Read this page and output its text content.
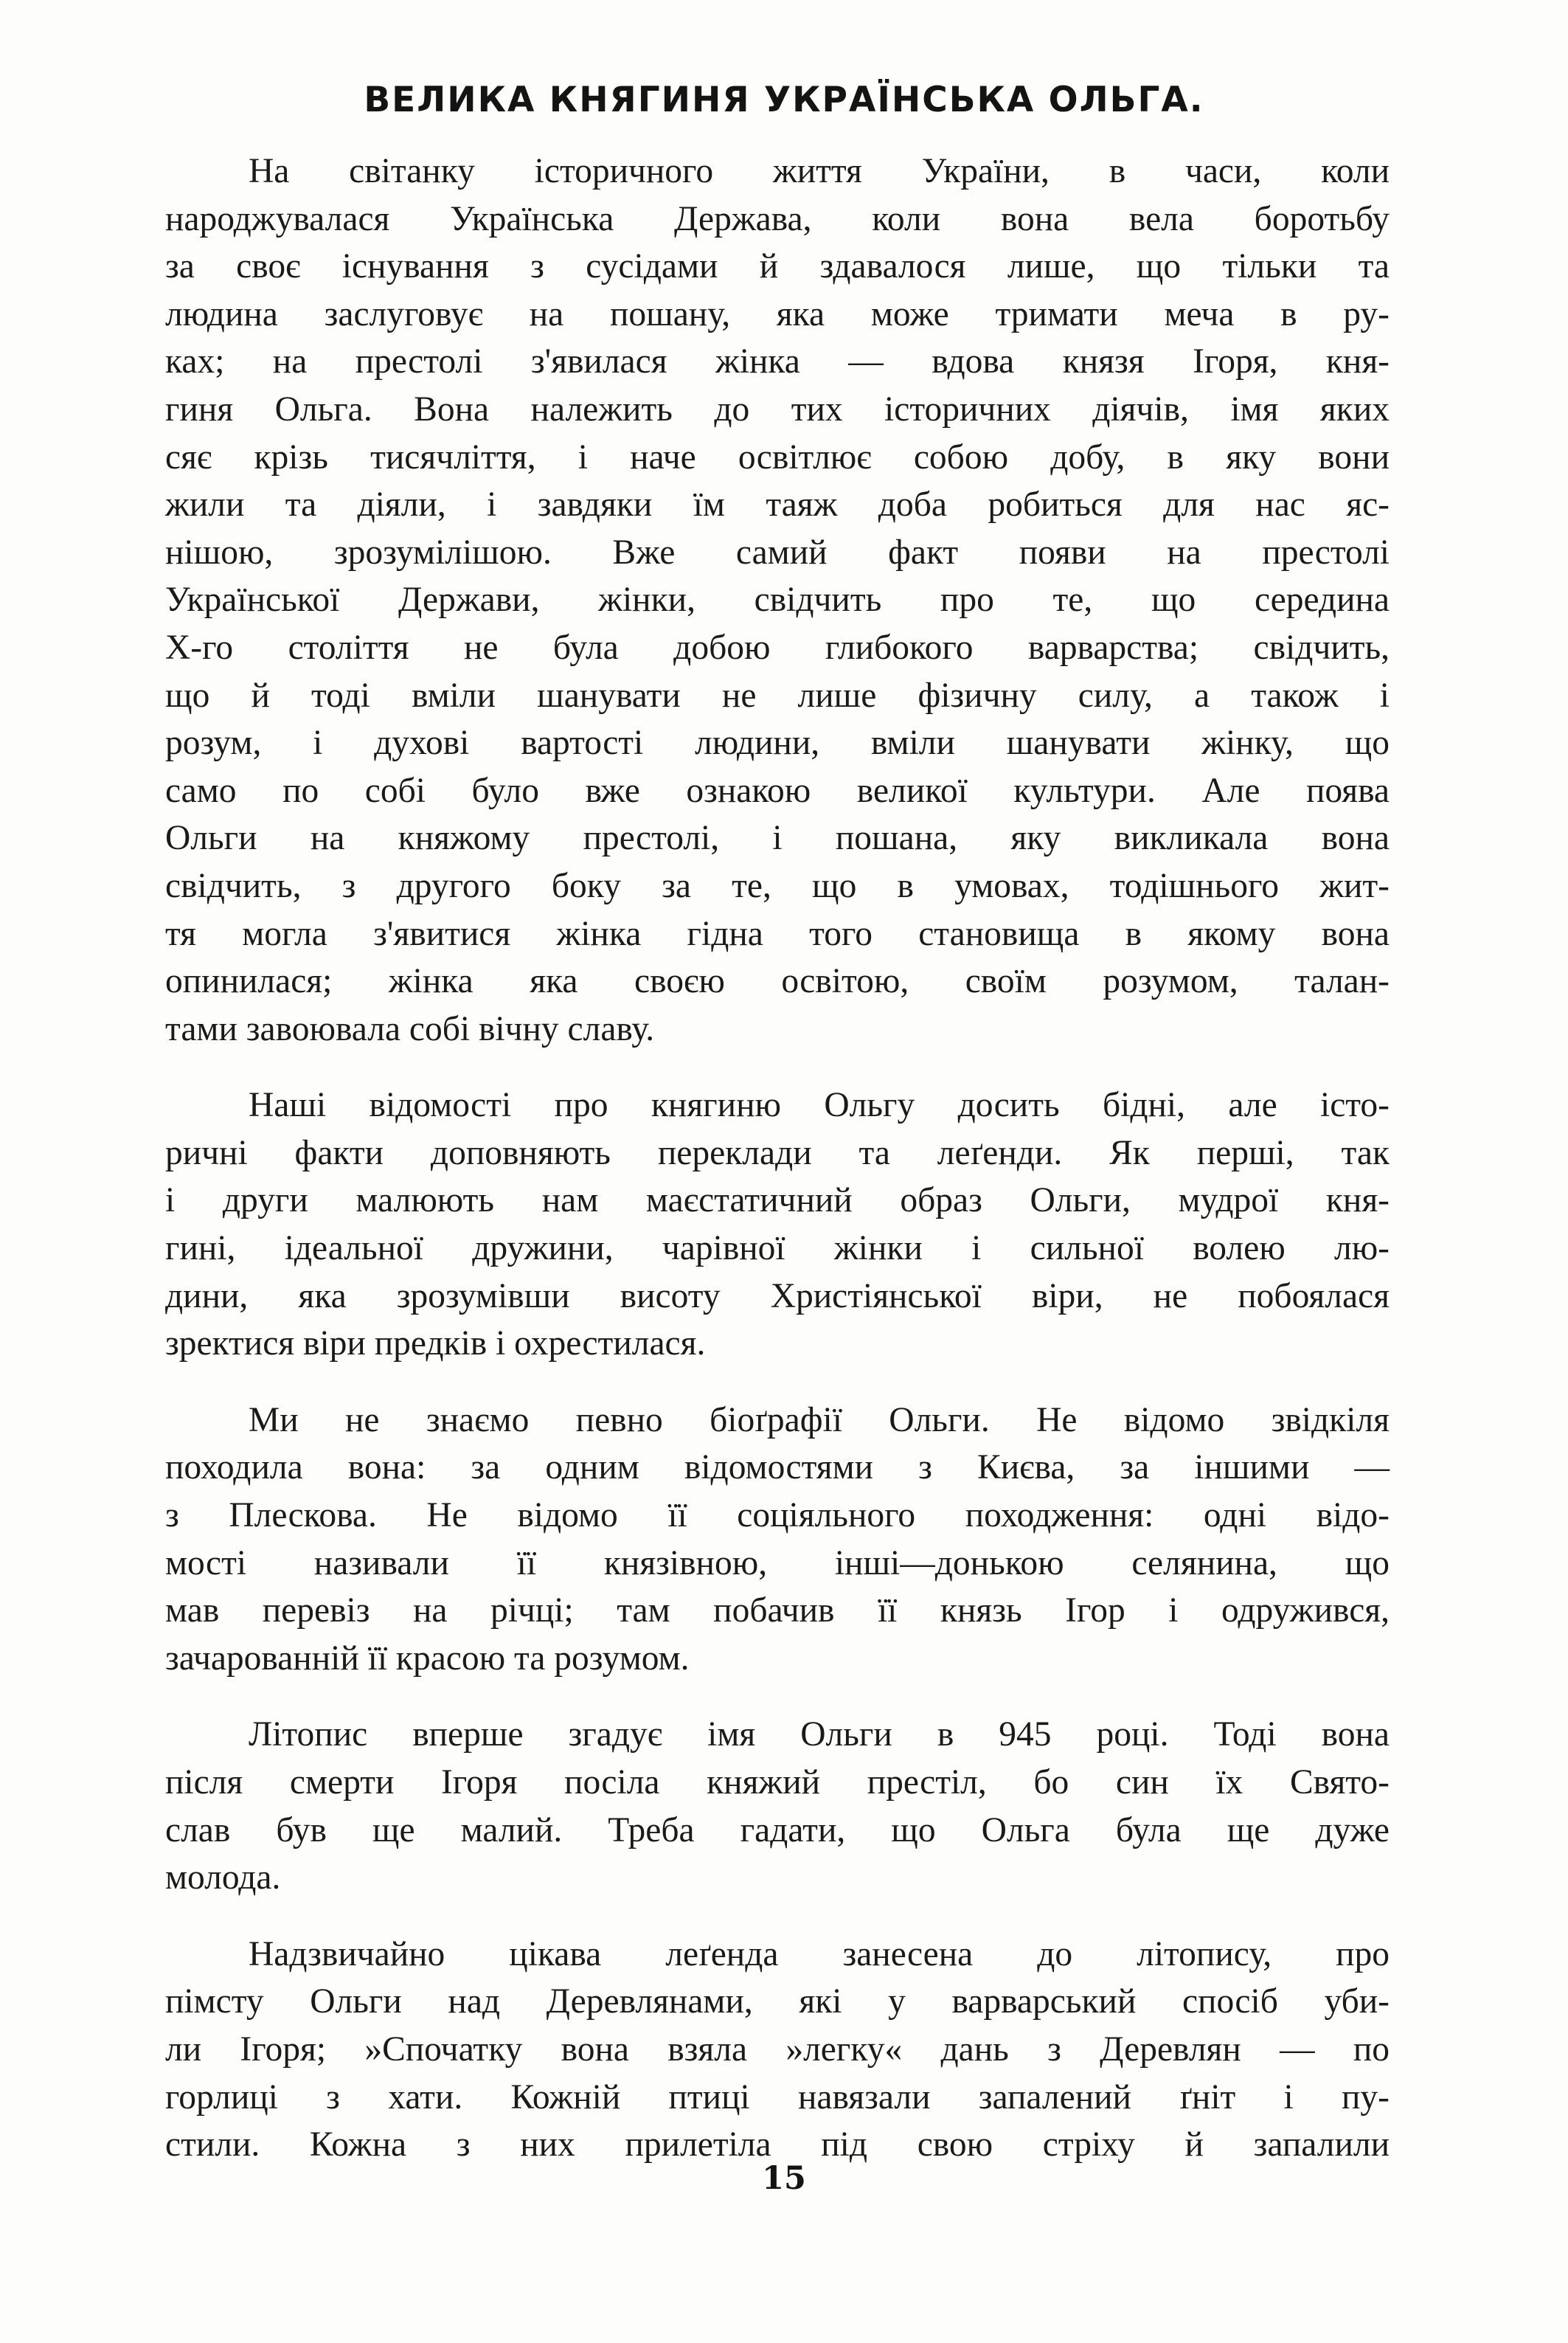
ВЕЛИКА КНЯГИНЯ УКРАЇНСЬКА ОЛЬГА.
На світанку історичного життя України, в часи, коли
народжувалася Українська Держава, коли вона вела боротьбу
за своє існування з сусідами й здавалося лише, що тільки та
людина заслуговує на пошану, яка може тримати меча в ру-
ках; на престолі з'явилася жінка — вдова князя Ігоря, кня-
гиня Ольга. Вона належить до тих історичних діячів, імя яких
сяє крізь тисячліття, і наче освітлює собою добу, в яку вони
жили та діяли, і завдяки їм таяж доба робиться для нас яс-
нішою, зрозумілішою. Вже самий факт появи на престолі
Української Держави, жінки, свідчить про те, що середина
X-го століття не була добою глибокого варварства; свідчить,
що й тоді вміли шанувати не лише фізичну силу, а також і
розум, і духові вартості людини, вміли шанувати жінку, що
само по собі було вже ознакою великої культури. Але поява
Ольги на княжому престолі, і пошана, яку викликала вона
свідчить, з другого боку за те, що в умовах, тодішнього жит-
тя могла з'явитися жінка гідна того становища в якому вона
опинилася; жінка яка своєю освітою, своїм розумом, талан-
тами завоювала собі вічну славу.
Наші відомості про княгиню Ольгу досить бідні, але істо-
ричні факти доповняють переклади та леґенди. Як перші, так
і други малюють нам маєстатичний образ Ольги, мудрої кня-
гині, ідеальної дружини, чарівної жінки і сильної волею лю-
дини, яка зрозумівши висоту Христіянської віри, не побоялася
зректися віри предків і охрестилася.
Ми не знаємо певно біоґрафії Ольги. Не відомо звідкіля
походила вона: за одним відомостями з Києва, за іншими —
з Плескова. Не відомо її соціяльного походження: одні відо-
мості називали її князівною, інші—донькою селянина, що
мав перевіз на річці; там побачив її князь Ігор і одружився,
зачарованній її красою та розумом.
Літопис вперше згадує імя Ольги в 945 році. Тоді вона
після смерти Ігоря посіла княжий престіл, бо син їх Свято-
слав був ще малий. Треба гадати, що Ольга була ще дуже
молода.
Надзвичайно цікава леґенда занесена до літопису, про
пімсту Ольги над Деревлянами, які у варварський спосіб уби-
ли Ігоря; »Спочатку вона взяла »легку« дань з Деревлян — по
горлиці з хати. Кожній птиці навязали запалений ґніт і пу-
стили. Кожна з них прилетіла під свою стріху й запалили

15
